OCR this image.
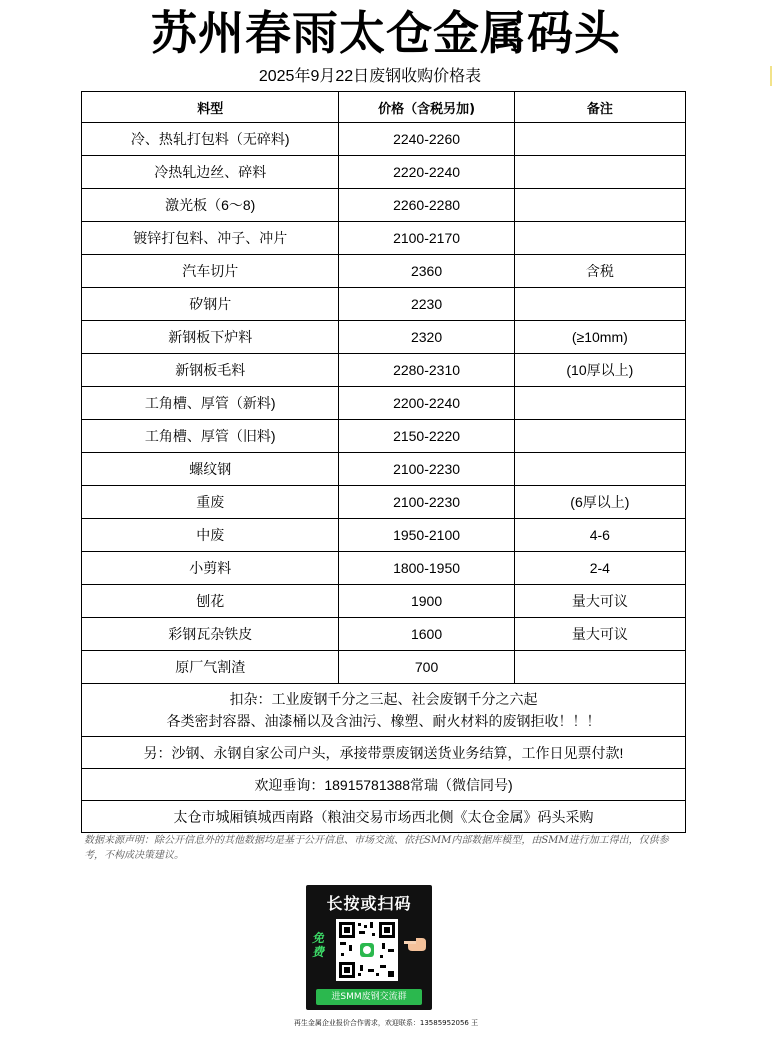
苏州春雨太仓金属码头
2025年9月22日废钢收购价格表
料型	价格（含税另加)	备注
冷、热轧打包料（无碎料)	2240-2260	
冷热轧边丝、碎料	2220-2240	
激光板（6～8)	2260-2280	
镀锌打包料、冲子、冲片	2100-2170	
汽车切片	2360	含税
矽钢片	2230	
新钢板下炉料	2320	(≥10mm)
新钢板毛料	2280-2310	(10厚以上)
工角槽、厚管（新料)	2200-2240	
工角槽、厚管（旧料)	2150-2220	
螺纹钢	2100-2230	
重废	2100-2230	(6厚以上)
中废	1950-2100	4-6
小剪料	1800-1950	2-4
刨花	1900	量大可议
彩钢瓦杂铁皮	1600	量大可议
原厂气割渣	700	

扣杂：工业废钢千分之三起、社会废钢千分之六起
各类密封容器、油漆桶以及含油污、橡塑、耐火材料的废钢拒收！！！		

另：沙钢、永钢自家公司户头，承接带票废钢送货业务结算，工作日见票付款!		
欢迎垂询：18915781388常瑞（微信同号)		
太仓市城厢镇城西南路（粮油交易市场西北侧《太仓金属》码头采购		
数据来源声明：除公开信息外的其他数据均是基于公开信息、市场交流、依托SMM内部数据库模型，由SMM进行加工得出，仅供参考，不构成决策建议。
长按或扫码
免费
进SMM废钢交流群
再生金属企业报价合作需求，欢迎联系：13585952056 王
